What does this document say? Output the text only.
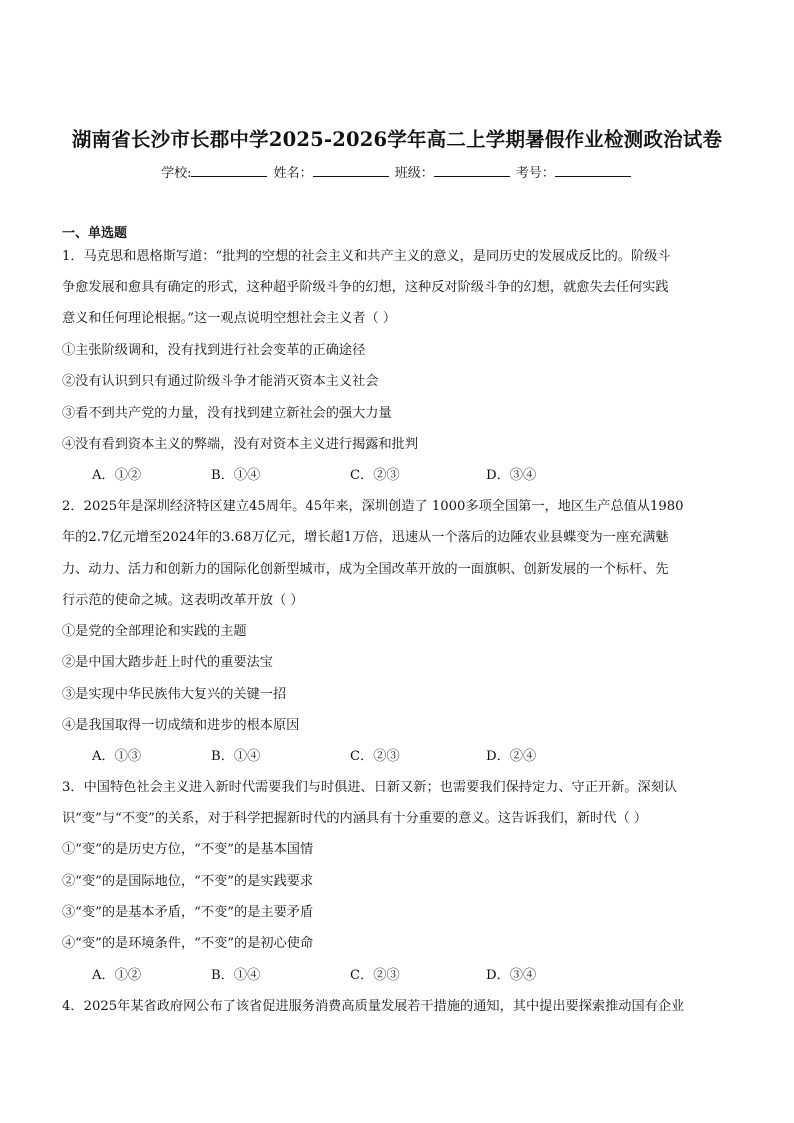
湖南省长沙市长郡中学2025-2026学年高二上学期暑假作业检测政治试卷
学校:	姓名：	班级：	考号：
一、单选题
1．马克思和恩格斯写道：“批判的空想的社会主义和共产主义的意义，是同历史的发展成反比的。阶级斗
争愈发展和愈具有确定的形式，这种超乎阶级斗争的幻想，这种反对阶级斗争的幻想，就愈失去任何实践
意义和任何理论根据。”这一观点说明空想社会主义者（ ）
①主张阶级调和，没有找到进行社会变革的正确途径
②没有认识到只有通过阶级斗争才能消灭资本主义社会
③看不到共产党的力量，没有找到建立新社会的强大力量
④没有看到资本主义的弊端，没有对资本主义进行揭露和批判
A．①②	B．①④	C．②③	D．③④
2．2025年是深圳经济特区建立45周年。45年来，深圳创造了 1000多项全国第一，地区生产总值从1980
年的2.7亿元增至2024年的3.68万亿元，增长超1万倍，迅速从一个落后的边陲农业县蝶变为一座充满魅
力、动力、活力和创新力的国际化创新型城市，成为全国改革开放的一面旗帜、创新发展的一个标杆、先
行示范的使命之城。这表明改革开放（ ）
①是党的全部理论和实践的主题
②是中国大踏步赶上时代的重要法宝
③是实现中华民族伟大复兴的关键一招
④是我国取得一切成绩和进步的根本原因
A．①③	B．①④	C．②③	D．②④
3．中国特色社会主义进入新时代需要我们与时俱进、日新又新；也需要我们保持定力、守正开新。深刻认
识“变”与“不变”的关系，对于科学把握新时代的内涵具有十分重要的意义。这告诉我们，新时代（ ）
①“变”的是历史方位，“不变”的是基本国情
②“变”的是国际地位，“不变”的是实践要求
③“变”的是基本矛盾，“不变”的是主要矛盾
④“变”的是环境条件，“不变”的是初心使命
A．①②	B．①④	C．②③	D．③④
4．2025年某省政府网公布了该省促进服务消费高质量发展若干措施的通知，其中提出要探索推动国有企业
